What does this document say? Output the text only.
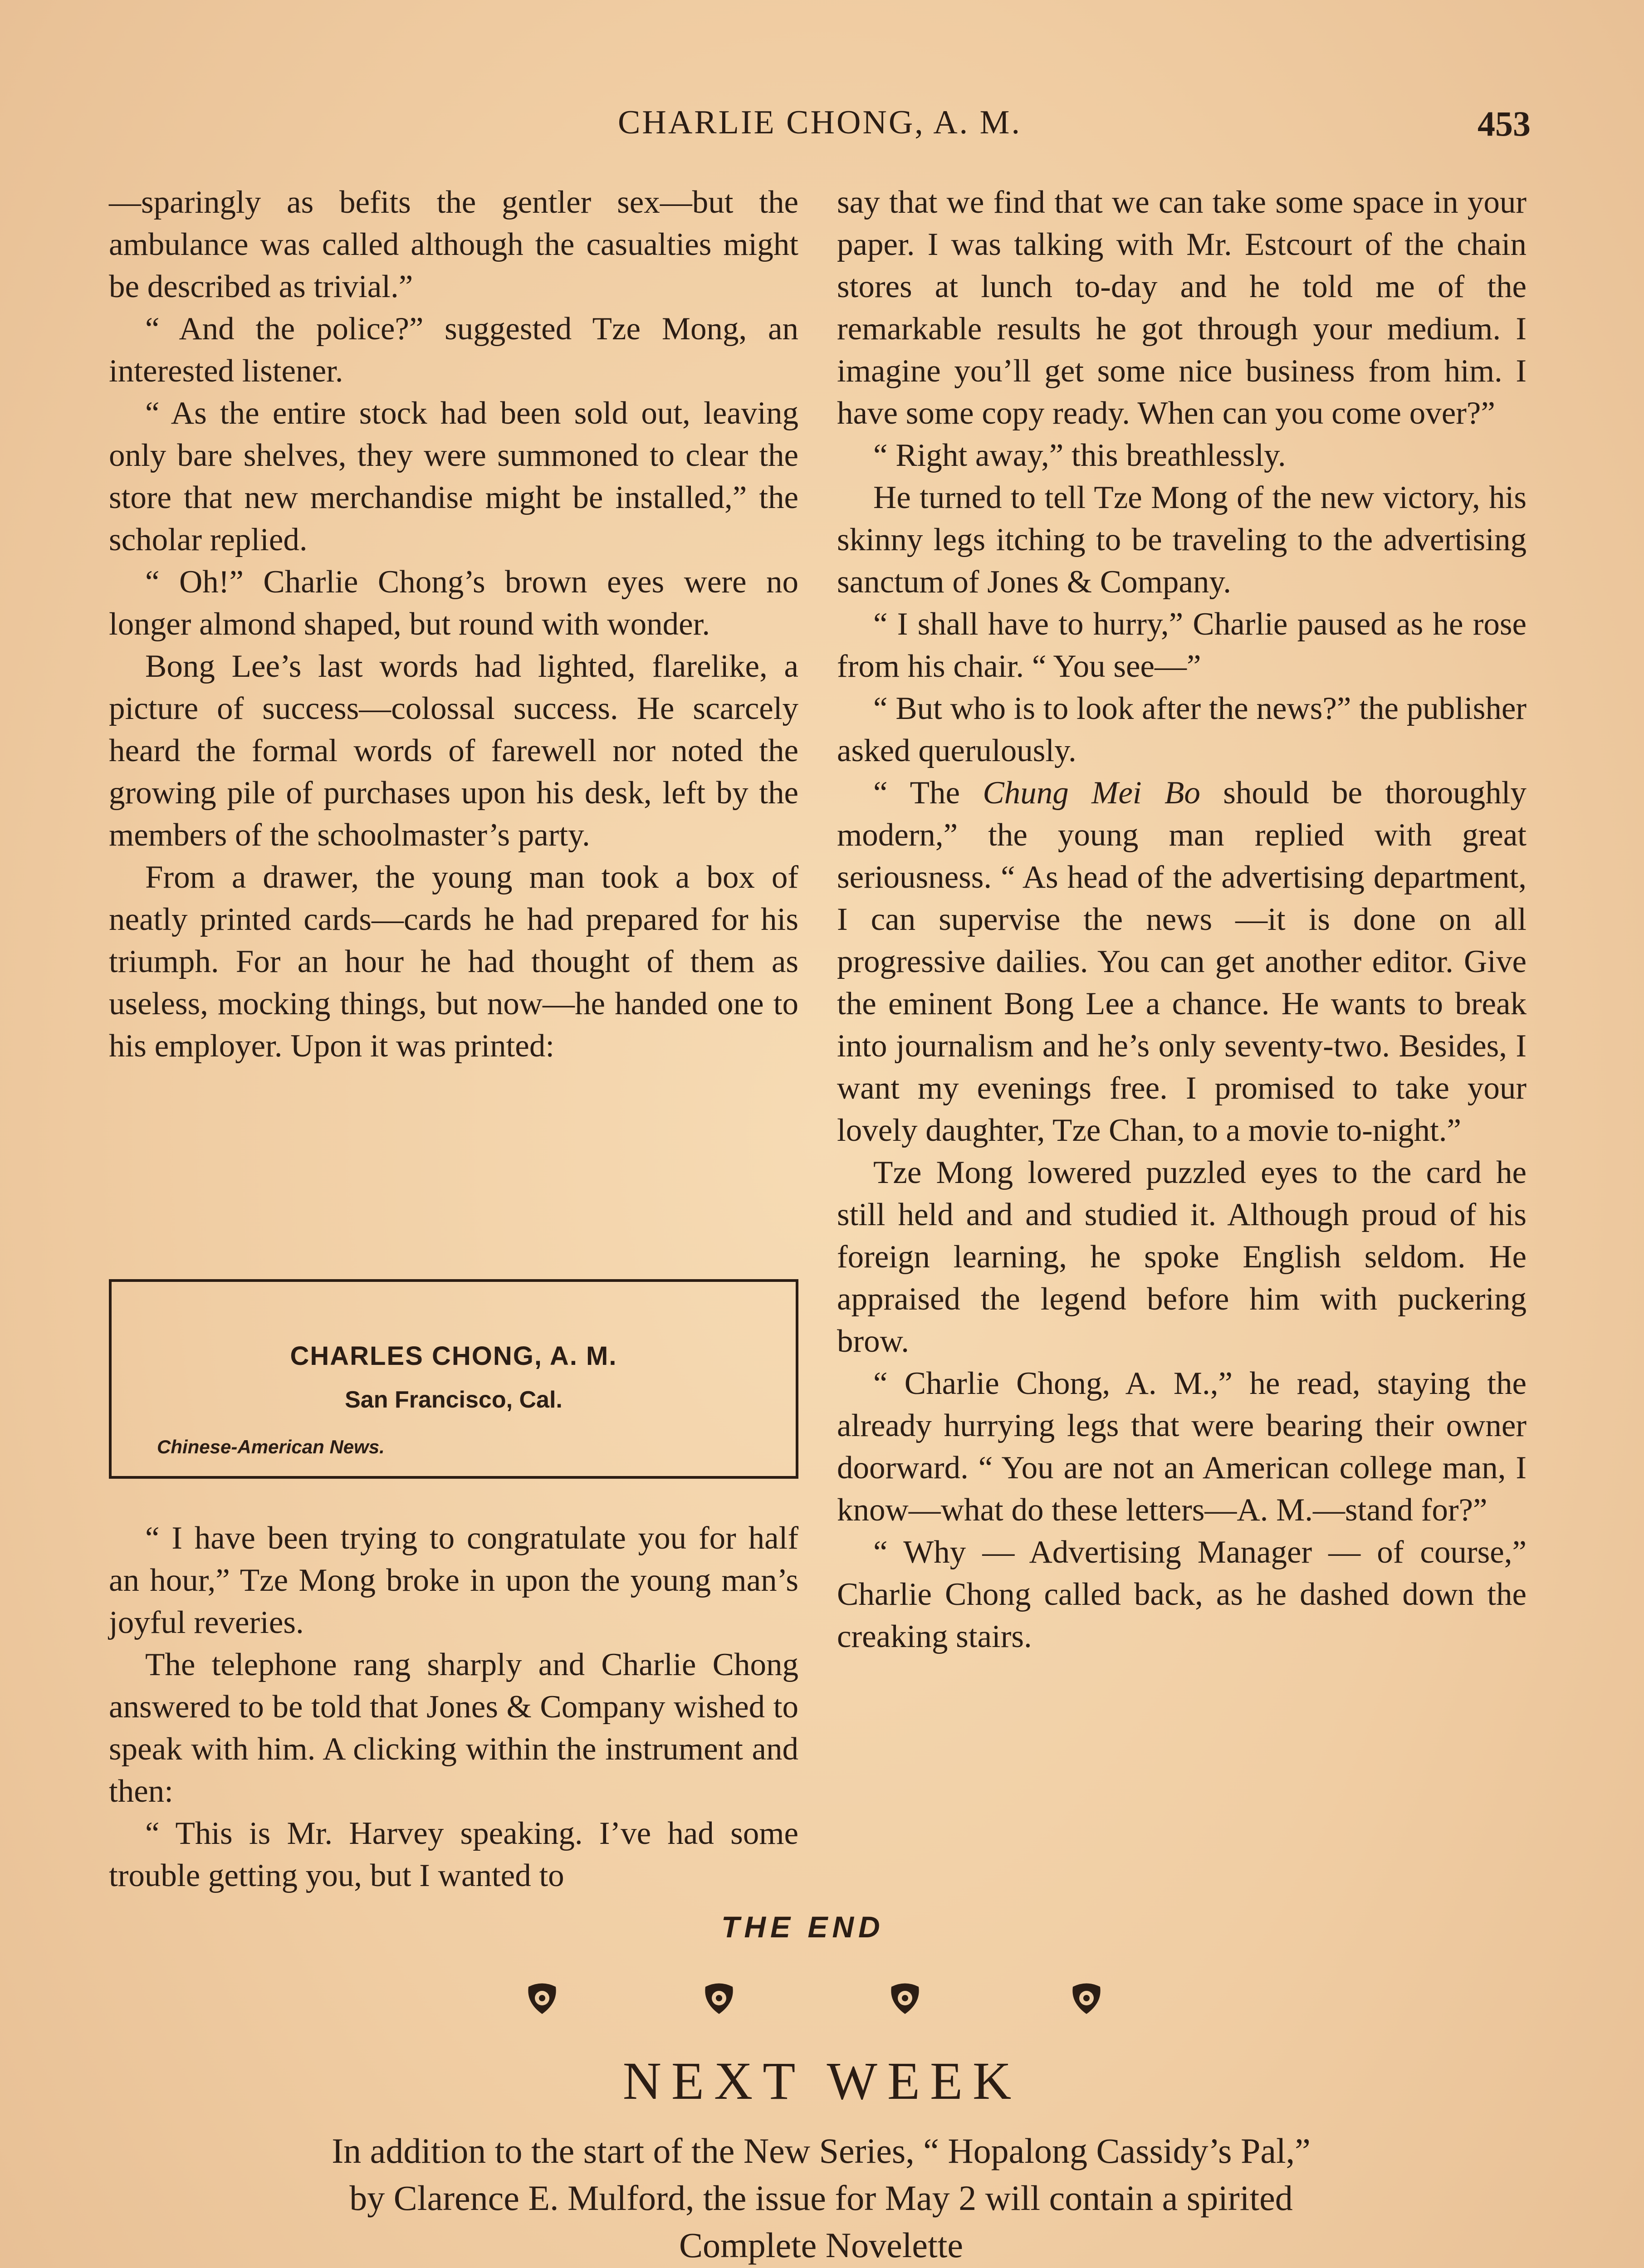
CHARLIE CHONG, A. M.	453

—sparingly as befits the gentler sex—but the ambulance was called although the casualties might be described as trivial.”

“ And the police?” suggested Tze Mong, an interested listener.

“ As the entire stock had been sold out, leaving only bare shelves, they were summoned to clear the store that new merchandise might be installed,” the scholar replied.

“ Oh!” Charlie Chong’s brown eyes were no longer almond shaped, but round with wonder.

Bong Lee’s last words had lighted, flarelike, a picture of success—colossal success. He scarcely heard the formal words of farewell nor noted the growing pile of purchases upon his desk, left by the members of the schoolmaster’s party.

From a drawer, the young man took a box of neatly printed cards—cards he had prepared for his triumph. For an hour he had thought of them as useless, mocking things, but now—he handed one to his employer. Upon it was printed:

CHARLES CHONG, A. M.
San Francisco, Cal.
Chinese-American News.

“ I have been trying to congratulate you for half an hour,” Tze Mong broke in upon the young man’s joyful reveries.

The telephone rang sharply and Charlie Chong answered to be told that Jones & Company wished to speak with him. A clicking within the instrument and then:

“ This is Mr. Harvey speaking. I’ve had some trouble getting you, but I wanted to

say that we find that we can take some space in your paper. I was talking with Mr. Estcourt of the chain stores at lunch to-day and he told me of the remarkable results he got through your medium. I imagine you’ll get some nice business from him. I have some copy ready. When can you come over?”

“ Right away,” this breathlessly.

He turned to tell Tze Mong of the new victory, his skinny legs itching to be traveling to the advertising sanctum of Jones & Company.

“ I shall have to hurry,” Charlie paused as he rose from his chair. “ You see—”

“ But who is to look after the news?” the publisher asked querulously.

“ The Chung Mei Bo should be thoroughly modern,” the young man replied with great seriousness. “ As head of the advertising department, I can supervise the news —it is done on all progressive dailies. You can get another editor. Give the eminent Bong Lee a chance. He wants to break into journalism and he’s only seventy-two. Besides, I want my evenings free. I promised to take your lovely daughter, Tze Chan, to a movie to-night.”

Tze Mong lowered puzzled eyes to the card he still held and and studied it. Although proud of his foreign learning, he spoke English seldom. He appraised the legend before him with puckering brow.

“ Charlie Chong, A. M.,” he read, staying the already hurrying legs that were bearing their owner doorward. “ You are not an American college man, I know—what do these letters—A. M.—stand for?”

“ Why — Advertising Manager — of course,” Charlie Chong called back, as he dashed down the creaking stairs.

THE END
NEXT WEEK
In addition to the start of the New Series, “ Hopalong Cassidy’s Pal,”
by Clarence E. Mulford, the issue for May 2 will contain a spirited
Complete Novelette
